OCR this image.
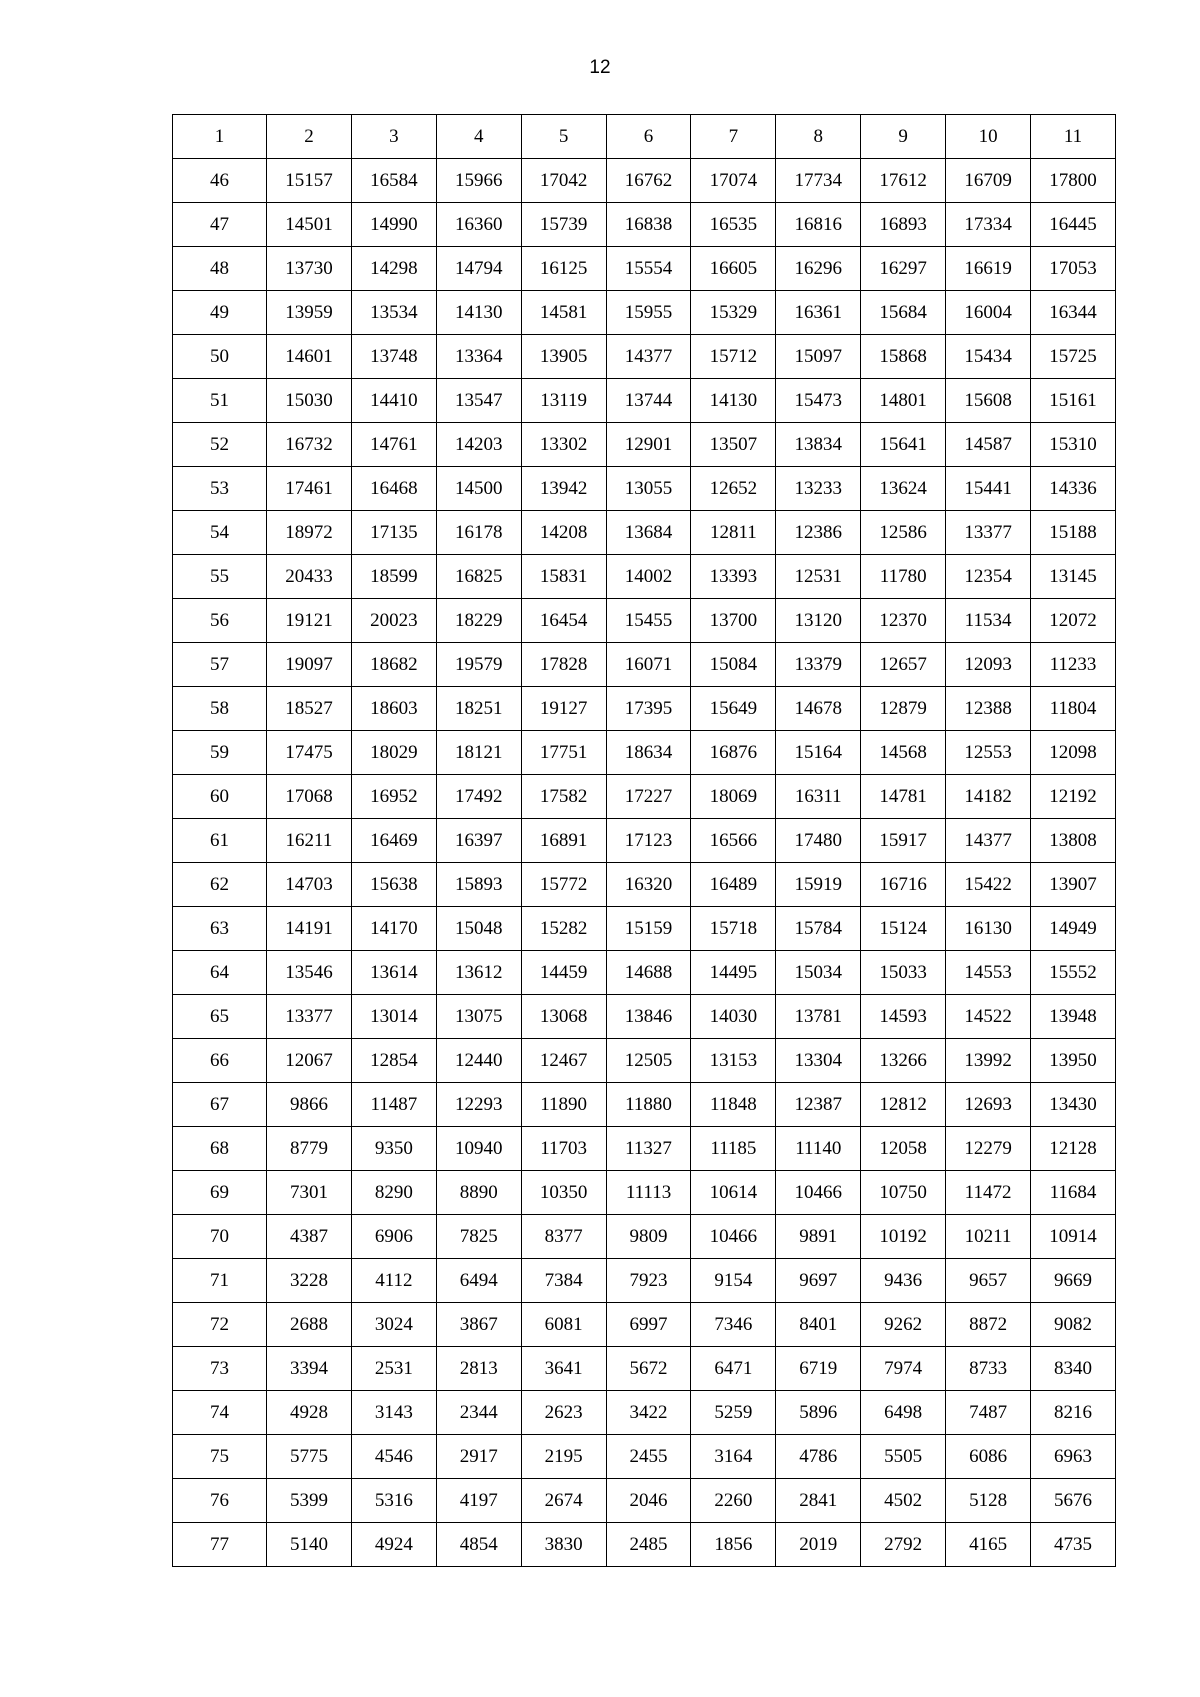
12
1	2	3	4	5	6	7	8	9	10	11
46	15157	16584	15966	17042	16762	17074	17734	17612	16709	17800
47	14501	14990	16360	15739	16838	16535	16816	16893	17334	16445
48	13730	14298	14794	16125	15554	16605	16296	16297	16619	17053
49	13959	13534	14130	14581	15955	15329	16361	15684	16004	16344
50	14601	13748	13364	13905	14377	15712	15097	15868	15434	15725
51	15030	14410	13547	13119	13744	14130	15473	14801	15608	15161
52	16732	14761	14203	13302	12901	13507	13834	15641	14587	15310
53	17461	16468	14500	13942	13055	12652	13233	13624	15441	14336
54	18972	17135	16178	14208	13684	12811	12386	12586	13377	15188
55	20433	18599	16825	15831	14002	13393	12531	11780	12354	13145
56	19121	20023	18229	16454	15455	13700	13120	12370	11534	12072
57	19097	18682	19579	17828	16071	15084	13379	12657	12093	11233
58	18527	18603	18251	19127	17395	15649	14678	12879	12388	11804
59	17475	18029	18121	17751	18634	16876	15164	14568	12553	12098
60	17068	16952	17492	17582	17227	18069	16311	14781	14182	12192
61	16211	16469	16397	16891	17123	16566	17480	15917	14377	13808
62	14703	15638	15893	15772	16320	16489	15919	16716	15422	13907
63	14191	14170	15048	15282	15159	15718	15784	15124	16130	14949
64	13546	13614	13612	14459	14688	14495	15034	15033	14553	15552
65	13377	13014	13075	13068	13846	14030	13781	14593	14522	13948
66	12067	12854	12440	12467	12505	13153	13304	13266	13992	13950
67	9866	11487	12293	11890	11880	11848	12387	12812	12693	13430
68	8779	9350	10940	11703	11327	11185	11140	12058	12279	12128
69	7301	8290	8890	10350	11113	10614	10466	10750	11472	11684
70	4387	6906	7825	8377	9809	10466	9891	10192	10211	10914
71	3228	4112	6494	7384	7923	9154	9697	9436	9657	9669
72	2688	3024	3867	6081	6997	7346	8401	9262	8872	9082
73	3394	2531	2813	3641	5672	6471	6719	7974	8733	8340
74	4928	3143	2344	2623	3422	5259	5896	6498	7487	8216
75	5775	4546	2917	2195	2455	3164	4786	5505	6086	6963
76	5399	5316	4197	2674	2046	2260	2841	4502	5128	5676
77	5140	4924	4854	3830	2485	1856	2019	2792	4165	4735
